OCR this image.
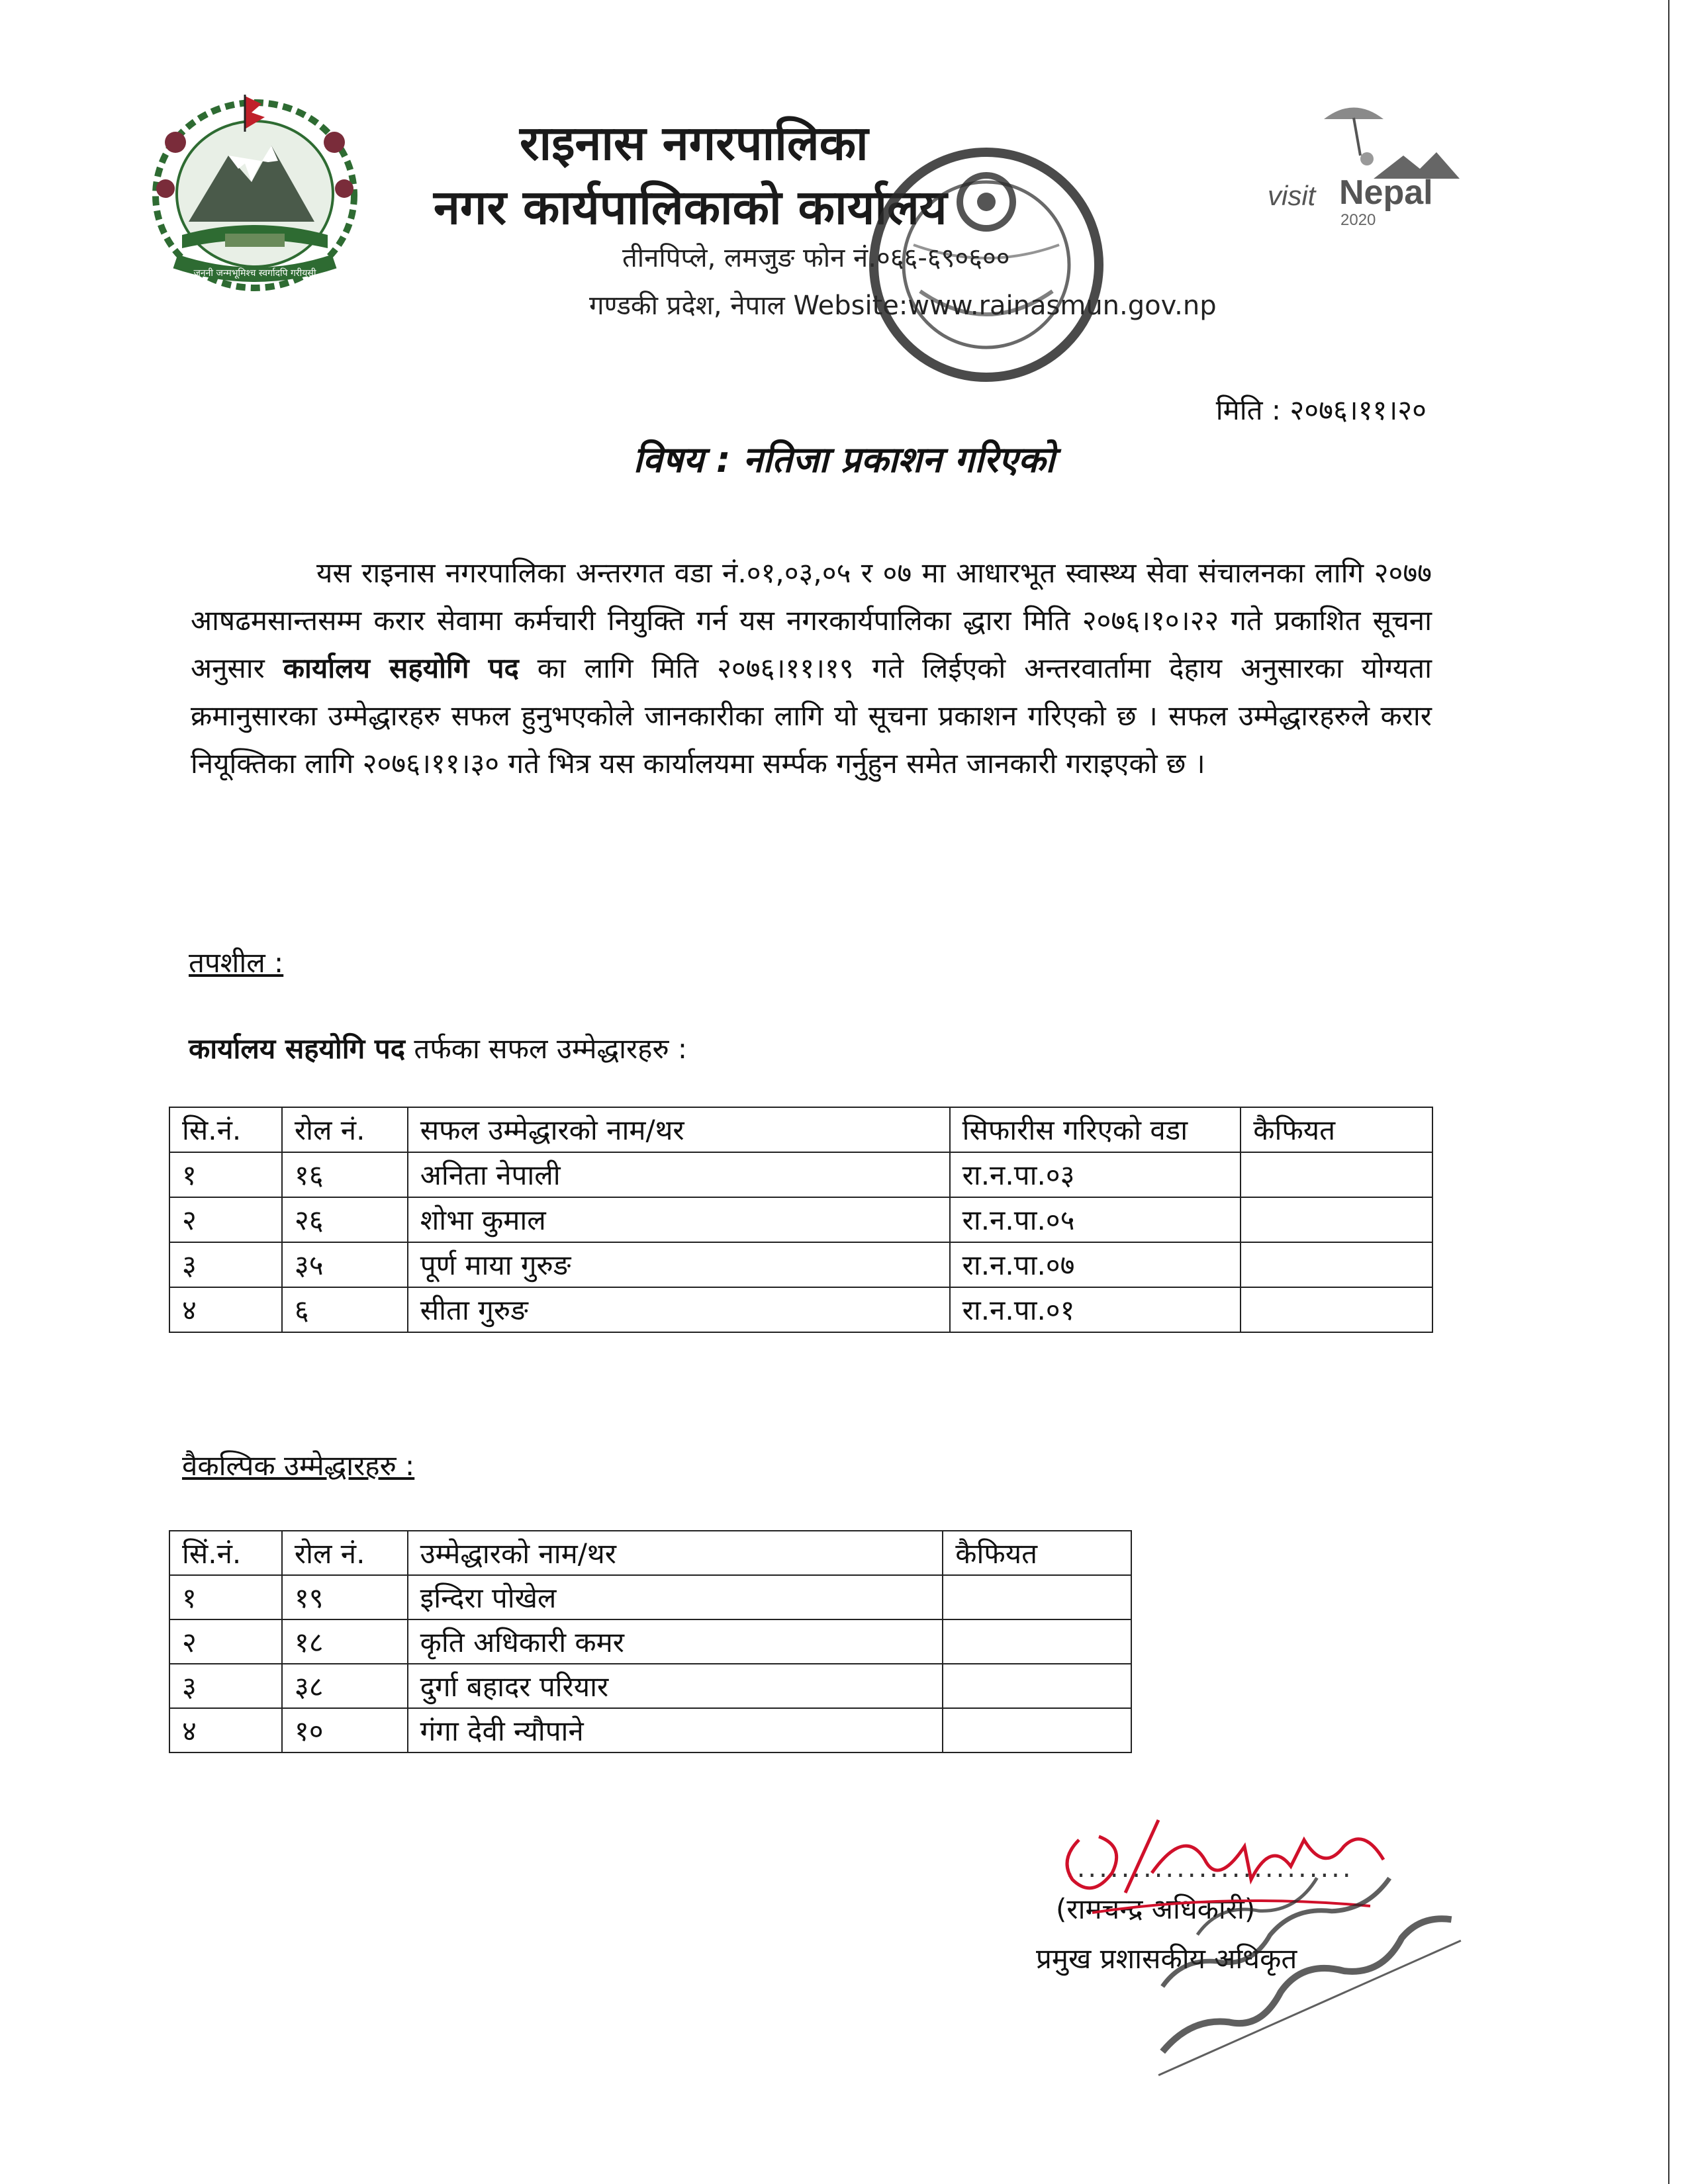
जननी जन्मभूमिश्च स्वर्गादपि गरीयसी
राइनास नगरपालिका
नगर कार्यपालिकाको कार्यालय
तीनपिप्ले, लमजुङ फोन नं.०६६-६९०६००
गण्डकी प्रदेश, नेपाल Website:www.rainasmun.gov.np
visit Nepal
2020
मिति : २०७६।११।२०
विषय : नतिजा प्रकाशन गरिएको
यस राइनास नगरपालिका अन्तरगत वडा नं.०१,०३,०५ र ०७ मा आधारभूत स्वास्थ्य सेवा संचालनका लागि २०७७ आषढमसान्तसम्म करार सेवामा कर्मचारी नियुक्ति गर्न यस नगरकार्यपालिका द्धारा मिति २०७६।१०।२२ गते प्रकाशित सूचना अनुसार कार्यालय सहयोगि पद का लागि मिति २०७६।११।१९ गते लिईएको अन्तरवार्तामा देहाय अनुसारका योग्यता क्रमानुसारका उम्मेद्धारहरु सफल हुनुभएकोले जानकारीका लागि यो सूचना प्रकाशन गरिएको छ । सफल उम्मेद्धारहरुले करार नियूक्तिका लागि २०७६।११।३० गते भित्र यस कार्यालयमा सर्म्पक गर्नुहुन समेत जानकारी गराइएको छ ।
तपशील :
कार्यालय सहयोगि पद तर्फका सफल उम्मेद्धारहरु :
सि.नं.	रोल नं.	सफल उम्मेद्धारको नाम/थर	सिफारीस गरिएको वडा	कैफियत
१	१६	अनिता नेपाली	रा.न.पा.०३	
२	२६	शोभा कुमाल	रा.न.पा.०५	
३	३५	पूर्ण माया गुरुङ	रा.न.पा.०७	
४	६	सीता गुरुङ	रा.न.पा.०१	
वैकल्पिक उम्मेद्धारहरु :
सिं.नं.	रोल नं.	उम्मेद्धारको नाम/थर	कैफियत
१	१९	इन्दिरा पोखेल	
२	१८	कृति अधिकारी कमर	
३	३८	दुर्गा बहादर परियार	
४	१०	गंगा देवी न्यौपाने	
..........................
(रामचन्द्र अधिकारी)
प्रमुख प्रशासकीय अधिकृत
